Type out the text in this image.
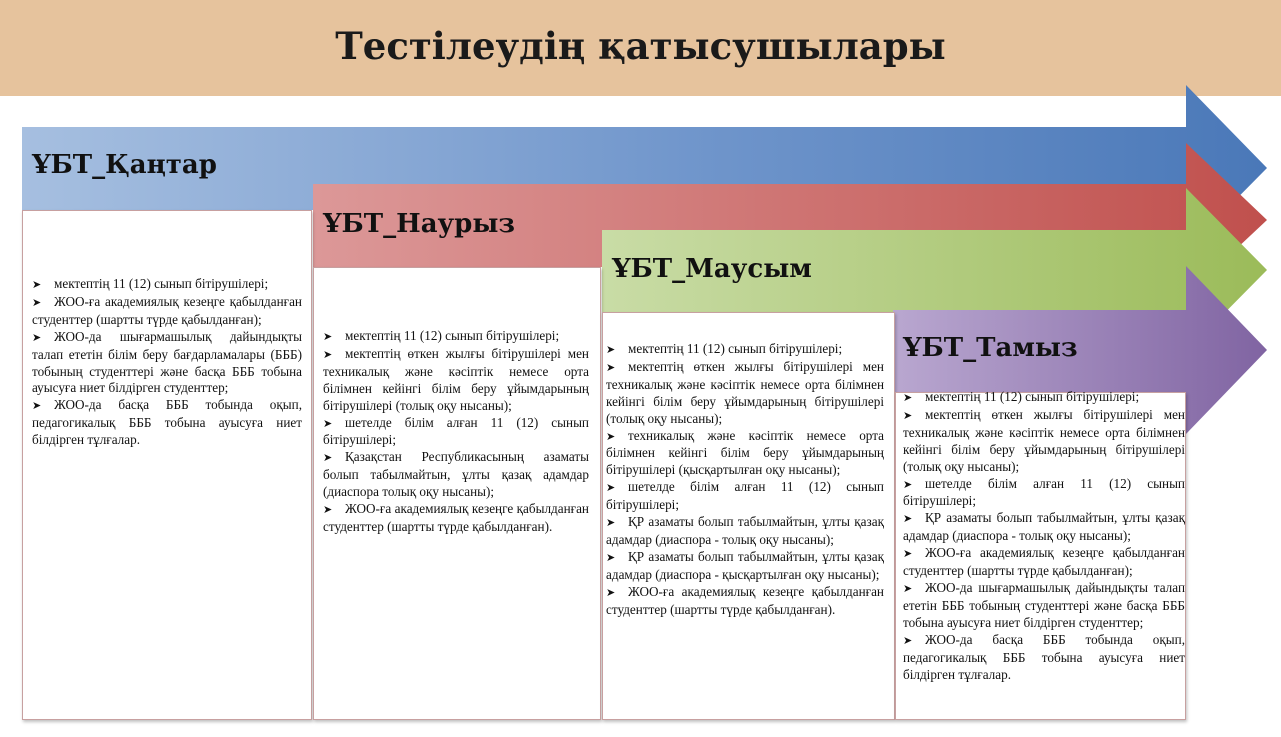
Тестілеудің қатысушылары
ҰБТ_Қаңтар
ҰБТ_Наурыз
ҰБТ_Маусым
ҰБТ_Тамыз

➤ мектептің 11 (12) сынып бітірушілері;

➤ ЖОО-ға академиялық кезеңге қабылданған студенттер (шартты түрде қабылданған);

➤ ЖОО-да шығармашылық дайындықты талап ететін білім беру бағдарламалары (БББ) тобының студенттері және басқа БББ тобына ауысуға ниет білдірген студенттер;

➤ ЖОО-да басқа БББ тобында оқып, педагогикалық БББ тобына ауысуға ниет білдірген тұлғалар.

➤ мектептің 11 (12) сынып бітірушілері;

➤ мектептің өткен жылғы бітірушілері мен техникалық және кәсіптік немесе орта білімнен кейінгі білім беру ұйымдарының бітірушілері (толық оқу нысаны);

➤ шетелде білім алған 11 (12) сынып бітірушілері;

➤ Қазақстан Республикасының азаматы болып табылмайтын, ұлты қазақ адамдар (диаспора толық оқу нысаны);

➤ ЖОО-ға академиялық кезеңге қабылданған студенттер (шартты түрде қабылданған).

➤ мектептің 11 (12) сынып бітірушілері;

➤ мектептің өткен жылғы бітірушілері мен техникалық және кәсіптік немесе орта білімнен кейінгі білім беру ұйымдарының бітірушілері (толық оқу нысаны);

➤ техникалық және кәсіптік немесе орта білімнен кейінгі білім беру ұйымдарының бітірушілері (қысқартылған оқу нысаны);

➤ шетелде білім алған 11 (12) сынып бітірушілері;

➤ ҚР азаматы болып табылмайтын, ұлты қазақ адамдар (диаспора - толық оқу нысаны);

➤ ҚР азаматы болып табылмайтын, ұлты қазақ адамдар (диаспора - қысқартылған оқу нысаны);

➤ ЖОО-ға академиялық кезеңге қабылданған студенттер (шартты түрде қабылданған).

➤ мектептің 11 (12) сынып бітірушілері;

➤ мектептің өткен жылғы бітірушілері мен техникалық және кәсіптік немесе орта білімнен кейінгі білім беру ұйымдарының бітірушілері (толық оқу нысаны);

➤ шетелде білім алған 11 (12) сынып бітірушілері;

➤ ҚР азаматы болып табылмайтын, ұлты қазақ адамдар (диаспора - толық оқу нысаны);

➤ ЖОО-ға академиялық кезеңге қабылданған студенттер (шартты түрде қабылданған);

➤ ЖОО-да шығармашылық дайындықты талап ететін БББ тобының студенттері және басқа БББ тобына ауысуға ниет білдірген студенттер;

➤ ЖОО-да басқа БББ тобында оқып, педагогикалық БББ тобына ауысуға ниет білдірген тұлғалар.
